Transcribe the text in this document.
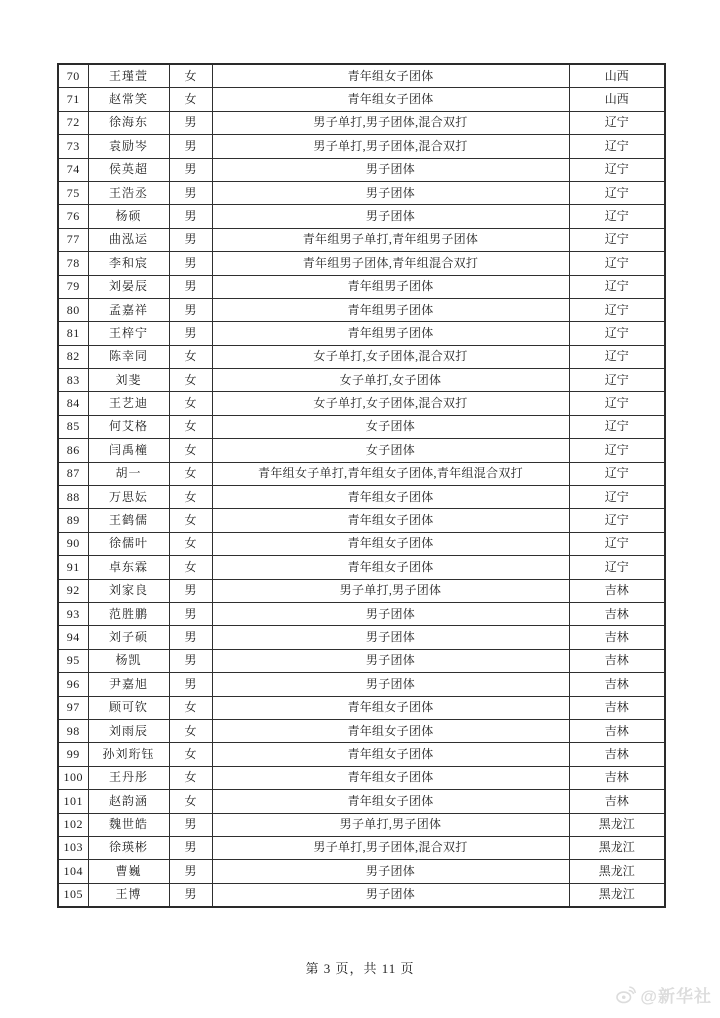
70	王瑾萱	女	青年组女子团体	山西
71	赵常笑	女	青年组女子团体	山西
72	徐海东	男	男子单打,男子团体,混合双打	辽宁
73	袁励岑	男	男子单打,男子团体,混合双打	辽宁
74	侯英超	男	男子团体	辽宁
75	王浩丞	男	男子团体	辽宁
76	杨硕	男	男子团体	辽宁
77	曲泓运	男	青年组男子单打,青年组男子团体	辽宁
78	李和宸	男	青年组男子团体,青年组混合双打	辽宁
79	刘晏辰	男	青年组男子团体	辽宁
80	孟嘉祥	男	青年组男子团体	辽宁
81	王梓宁	男	青年组男子团体	辽宁
82	陈幸同	女	女子单打,女子团体,混合双打	辽宁
83	刘斐	女	女子单打,女子团体	辽宁
84	王艺迪	女	女子单打,女子团体,混合双打	辽宁
85	何艾格	女	女子团体	辽宁
86	闫禹橦	女	女子团体	辽宁
87	胡一	女	青年组女子单打,青年组女子团体,青年组混合双打	辽宁
88	万思妘	女	青年组女子团体	辽宁
89	王鹤儒	女	青年组女子团体	辽宁
90	徐儒叶	女	青年组女子团体	辽宁
91	卓东霖	女	青年组女子团体	辽宁
92	刘家良	男	男子单打,男子团体	吉林
93	范胜鹏	男	男子团体	吉林
94	刘子硕	男	男子团体	吉林
95	杨凯	男	男子团体	吉林
96	尹嘉旭	男	男子团体	吉林
97	顾可钦	女	青年组女子团体	吉林
98	刘雨辰	女	青年组女子团体	吉林
99	孙刘珩钰	女	青年组女子团体	吉林
100	王丹彤	女	青年组女子团体	吉林
101	赵韵涵	女	青年组女子团体	吉林
102	魏世皓	男	男子单打,男子团体	黑龙江
103	徐瑛彬	男	男子单打,男子团体,混合双打	黑龙江
104	曹巍	男	男子团体	黑龙江
105	王博	男	男子团体	黑龙江
第 3 页，共 11 页
@新华社
